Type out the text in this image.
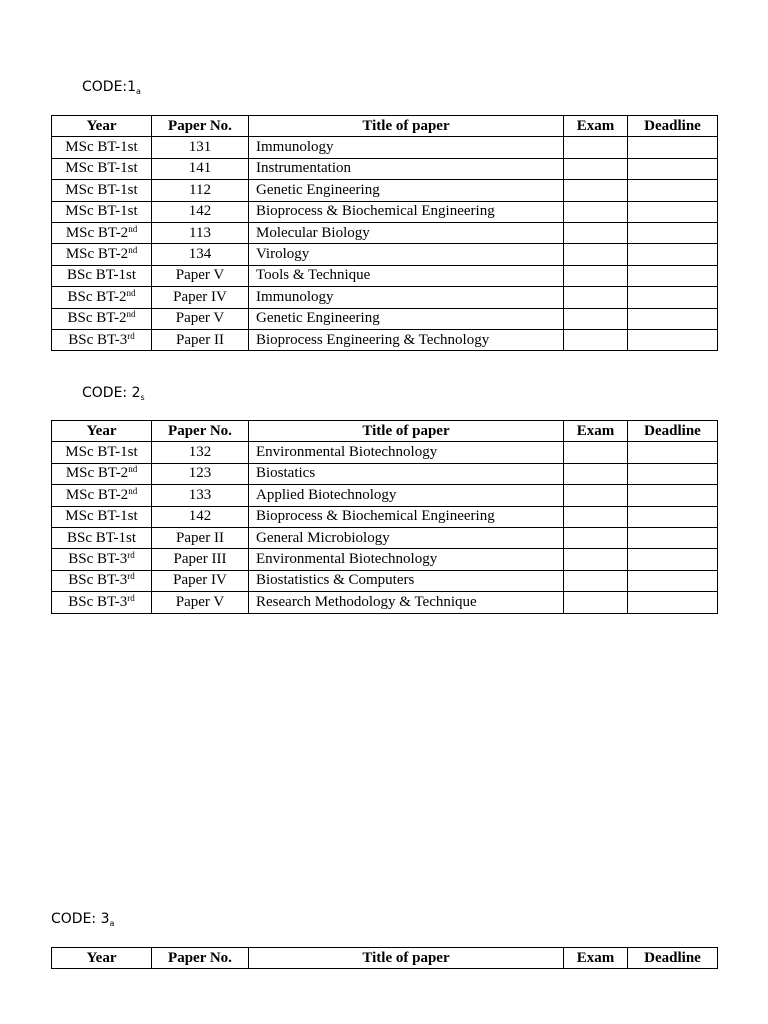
$CODE:1_a$
Year	Paper No.	Title of paper	Exam	Deadline
MSc BT-1st	131	Immunology		
MSc BT-1st	141	Instrumentation		
MSc BT-1st	112	Genetic Engineering		
MSc BT-1st	142	Bioprocess & Biochemical Engineering		
MSc BT-2nd	113	Molecular Biology		
MSc BT-2nd	134	Virology		
BSc BT-1st	Paper V	Tools & Technique		
BSc BT-2nd	Paper IV	Immunology		
BSc BT-2nd	Paper V	Genetic Engineering		
BSc BT-3rd	Paper II	Bioprocess Engineering & Technology		
CODE: $2_s$
Year	Paper No.	Title of paper	Exam	Deadline
MSc BT-1st	132	Environmental Biotechnology		
MSc BT-2nd	123	Biostatics		
MSc BT-2nd	133	Applied Biotechnology		
MSc BT-1st	142	Bioprocess & Biochemical Engineering		
BSc BT-1st	Paper II	General Microbiology		
BSc BT-3rd	Paper III	Environmental Biotechnology		
BSc BT-3rd	Paper IV	Biostatistics & Computers		
BSc BT-3rd	Paper V	Research Methodology & Technique		
CODE: $3_a$
Year	Paper No.	Title of paper	Exam	Deadline
